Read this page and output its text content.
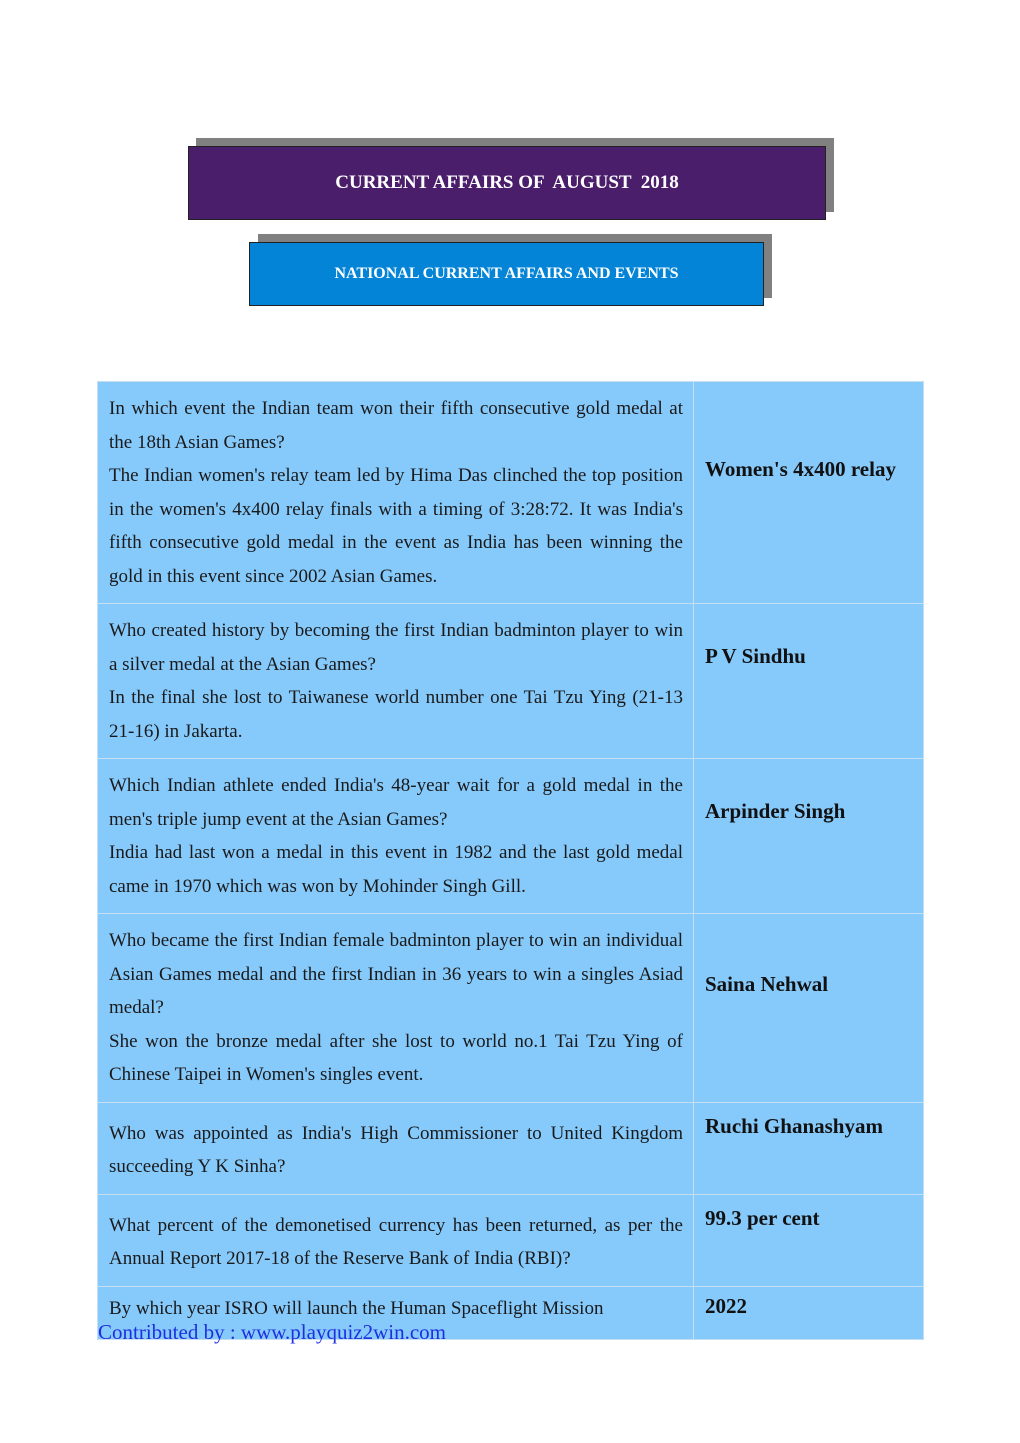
CURRENT AFFAIRS OF  AUGUST  2018
NATIONAL CURRENT AFFAIRS AND EVENTS
In which event the Indian team won their fifth consecutive gold medal at the 18th Asian Games?
The Indian women's relay team led by Hima Das clinched the top position in the women's 4x400 relay finals with a timing of 3:28:72. It was India's fifth consecutive gold medal in the event as India has been winning the gold in this event since 2002 Asian Games.	Women's 4x400 relay
Who created history by becoming the first Indian badminton player to win a silver medal at the Asian Games?
In the final she lost to Taiwanese world number one Tai Tzu Ying (21-13 21-16) in Jakarta.	P V Sindhu
Which Indian athlete ended India's 48-year wait for a gold medal in the men's triple jump event at the Asian Games?
India had last won a medal in this event in 1982 and the last gold medal came in 1970 which was won by Mohinder Singh Gill.	Arpinder Singh
Who became the first Indian female badminton player to win an individual Asian Games medal and the first Indian in 36 years to win a singles Asiad medal?
She won the bronze medal after she lost to world no.1 Tai Tzu Ying of Chinese Taipei in Women's singles event.	Saina Nehwal
Who was appointed as India's High Commissioner to United Kingdom succeeding Y K Sinha?	Ruchi Ghanashyam
What percent of the demonetised currency has been returned, as per the Annual Report 2017-18 of the Reserve Bank of India (RBI)?	99.3 per cent
By which year ISRO will launch the Human Spaceflight Mission	2022
Contributed by : www.playquiz2win.com
